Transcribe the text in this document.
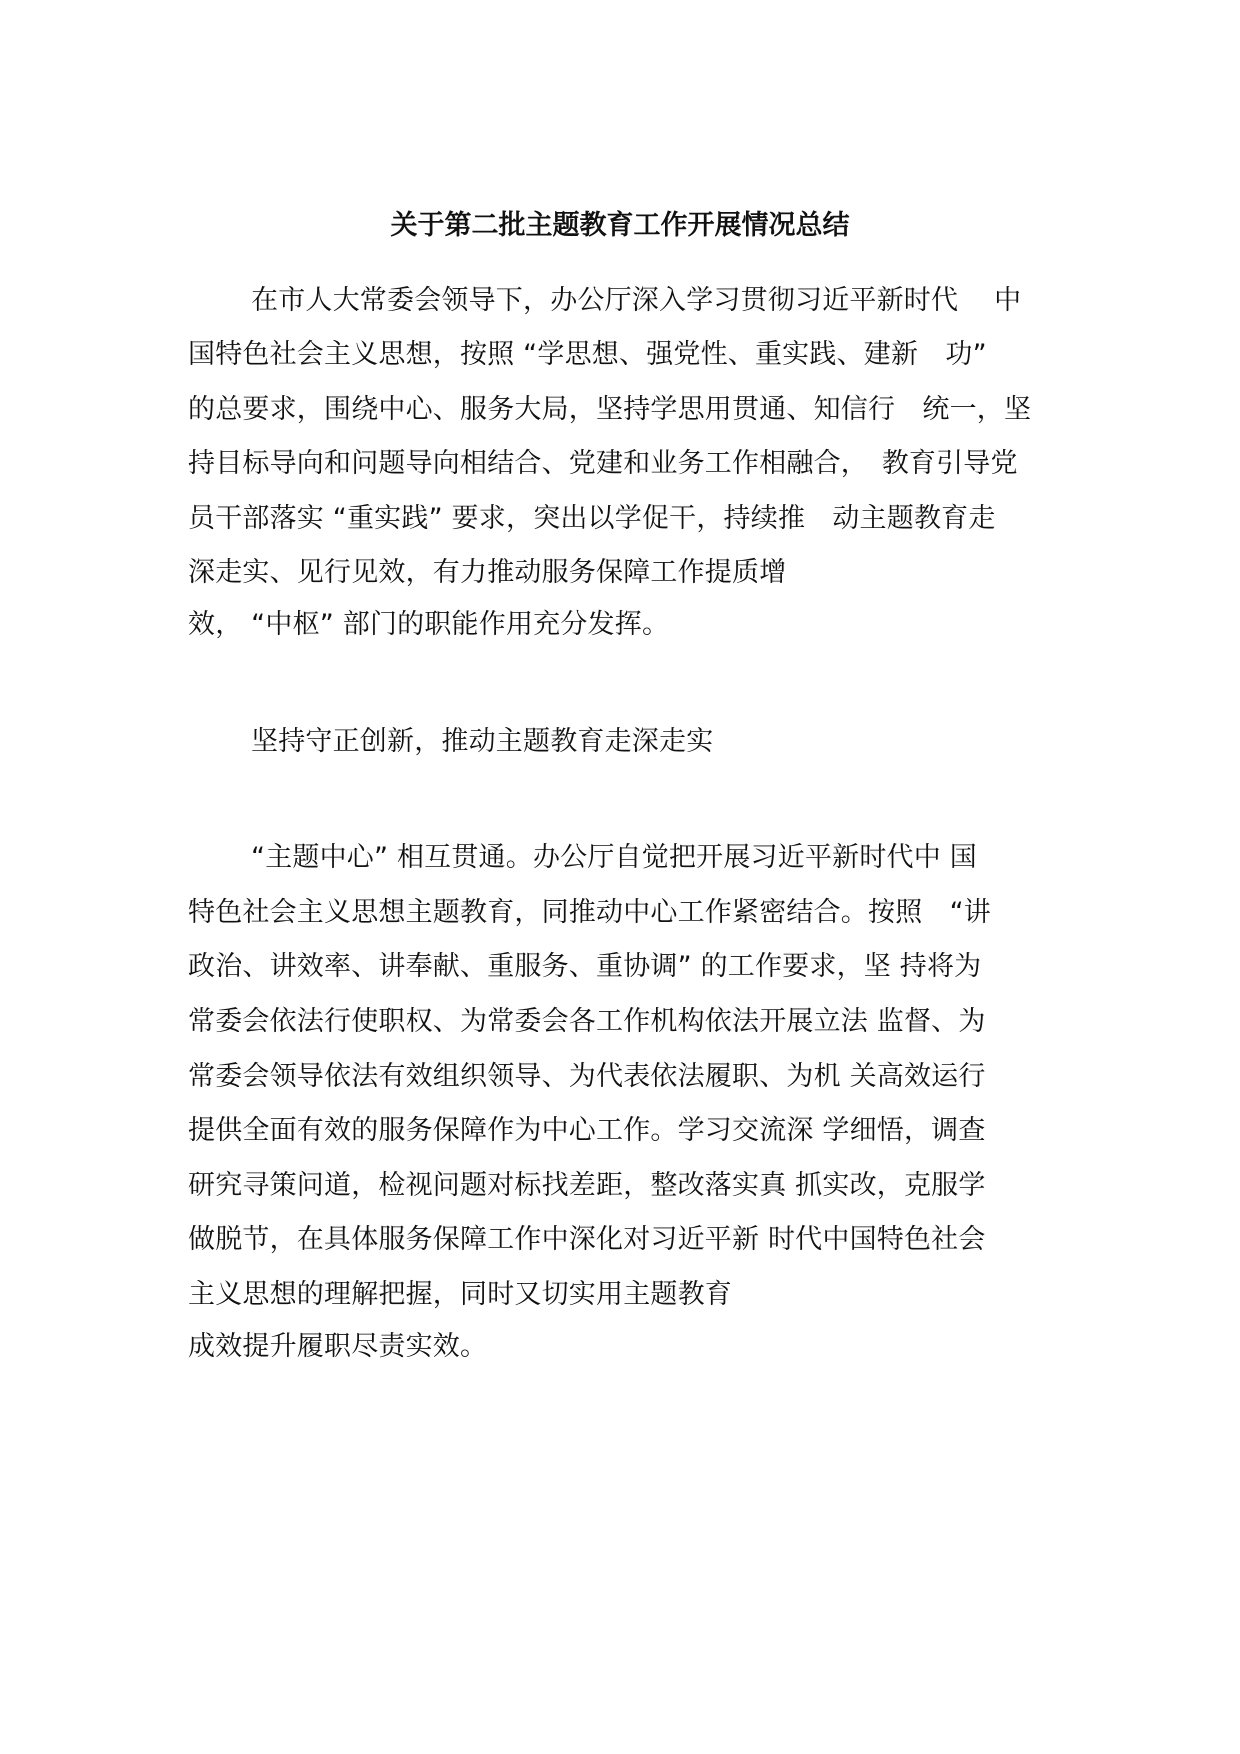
关于第二批主题教育工作开展情况总结
在市人大常委会领导下，办公厅深入学习贯彻习近平新时代　 中
国特色社会主义思想，按照 “学思想、强党性、重实践、建新　功”
的总要求，围绕中心、服务大局，坚持学思用贯通、知信行　统一，坚
持目标导向和问题导向相结合、党建和业务工作相融合，　教育引导党
员干部落实 “重实践” 要求，突出以学促干，持续推　动主题教育走
深走实、见行见效，有力推动服务保障工作提质增
效， “中枢” 部门的职能作用充分发挥。
坚持守正创新，推动主题教育走深走实
“主题中心” 相互贯通。办公厅自觉把开展习近平新时代中 国
特色社会主义思想主题教育，同推动中心工作紧密结合。按照　“讲
政治、讲效率、讲奉献、重服务、重协调” 的工作要求，坚 持将为
常委会依法行使职权、为常委会各工作机构依法开展立法 监督、为
常委会领导依法有效组织领导、为代表依法履职、为机 关高效运行
提供全面有效的服务保障作为中心工作。学习交流深 学细悟，调查
研究寻策问道，检视问题对标找差距，整改落实真 抓实改，克服学
做脱节，在具体服务保障工作中深化对习近平新 时代中国特色社会
主义思想的理解把握，同时又切实用主题教育
成效提升履职尽责实效。
